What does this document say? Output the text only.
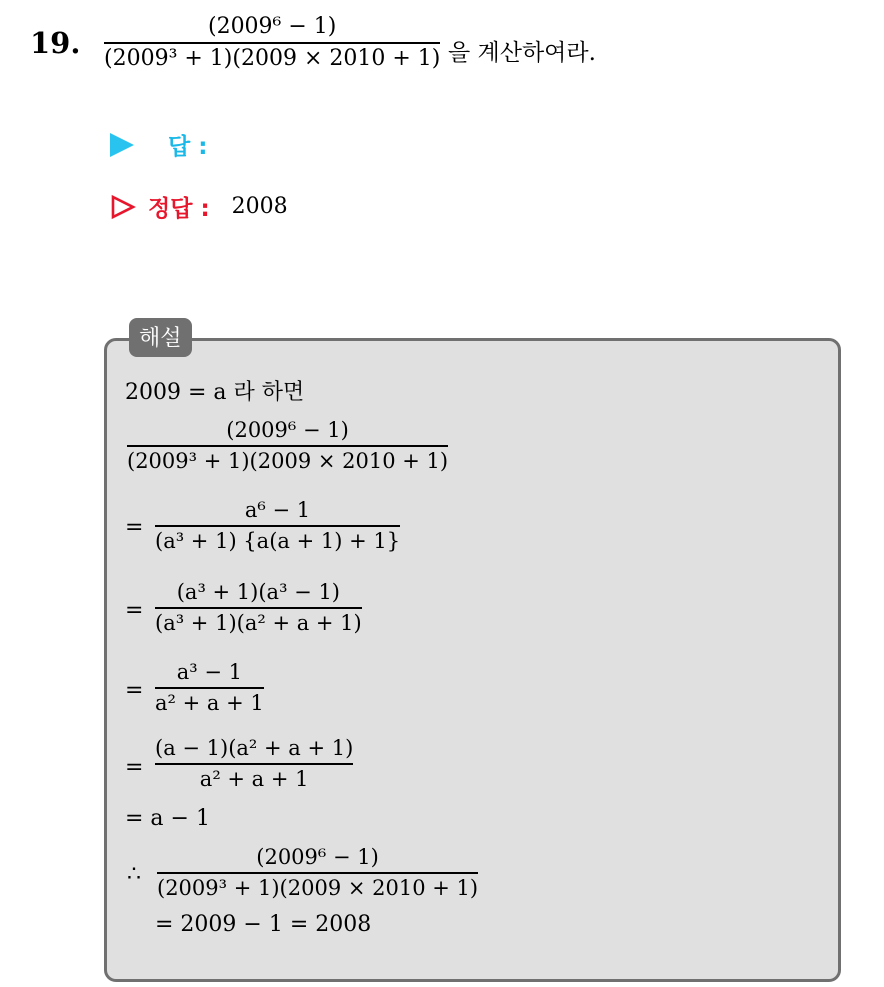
19.	(2009⁶ − 1)
(2009³ + 1)(2009 × 2010 + 1) 을 계산하여라.
답 :
정답 : 2008
해설
2009 = a 라 하면
(2009⁶ − 1)
(2009³ + 1)(2009 × 2010 + 1)
=
a⁶ − 1
(a³ + 1) {a(a + 1) + 1}
=
(a³ + 1)(a³ − 1)
(a³ + 1)(a² + a + 1)
=
a³ − 1
a² + a + 1
=
(a − 1)(a² + a + 1)
a² + a + 1
= a − 1
∴
(2009⁶ − 1)
(2009³ + 1)(2009 × 2010 + 1)
= 2009 − 1 = 2008
